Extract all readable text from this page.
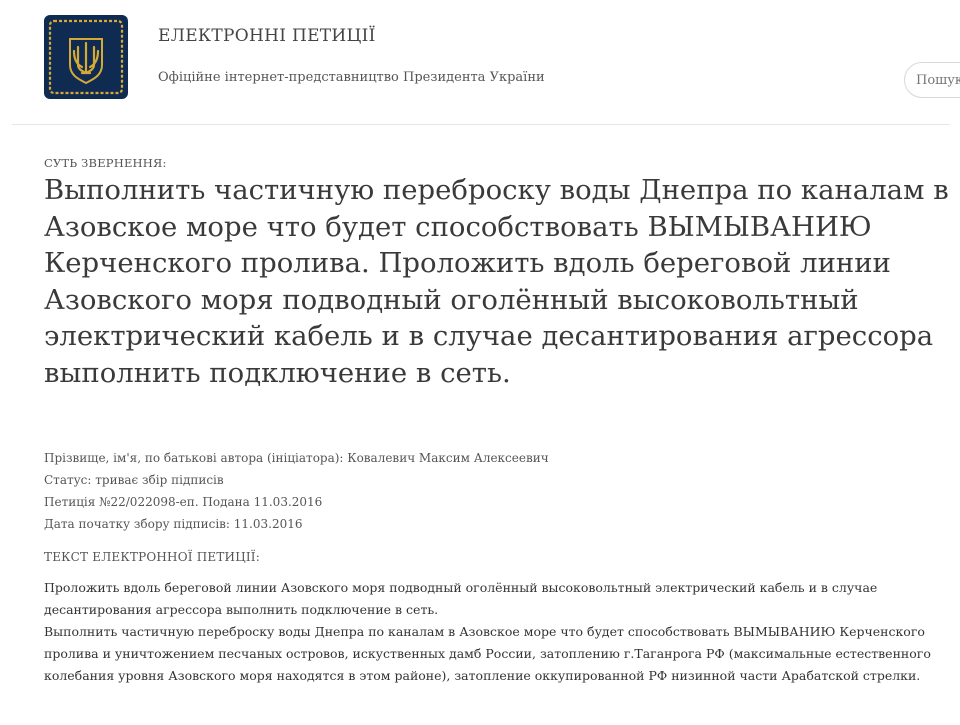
ЕЛЕКТРОННІ ПЕТИЦІЇ
Офіційне інтернет-представництво Президента України
Пошук
СУТЬ ЗВЕРНЕННЯ:
Выполнить частичную переброску воды Днепра по каналам в Азовское море что будет способствовать ВЫМЫВАНИЮ Керченского пролива. Проложить вдоль береговой линии Азовского моря подводный оголённый высоковольтный электрический кабель и в случае десантирования агрессора выполнить подключение в сеть.
Прізвище, ім'я, по батькові автора (ініціатора): Ковалевич Максим Алексеевич
Статус: триває збір підписів
Петиція №22/022098-еп. Подана 11.03.2016
Дата початку збору підписів: 11.03.2016
ТЕКСТ ЕЛЕКТРОННОЇ ПЕТИЦІЇ:

Проложить вдоль береговой линии Азовского моря подводный оголённый высоковольтный электрический кабель и в случае десантирования агрессора выполнить подключение в сеть.

Выполнить частичную переброску воды Днепра по каналам в Азовское море что будет способствовать ВЫМЫВАНИЮ Керченского пролива и уничтожением песчаных островов, искуственных дамб России, затоплению г.Таганрога РФ (максимальные естественного колебания уровня Азовского моря находятся в этом районе), затопление оккупированной РФ низинной части Арабатской стрелки.
